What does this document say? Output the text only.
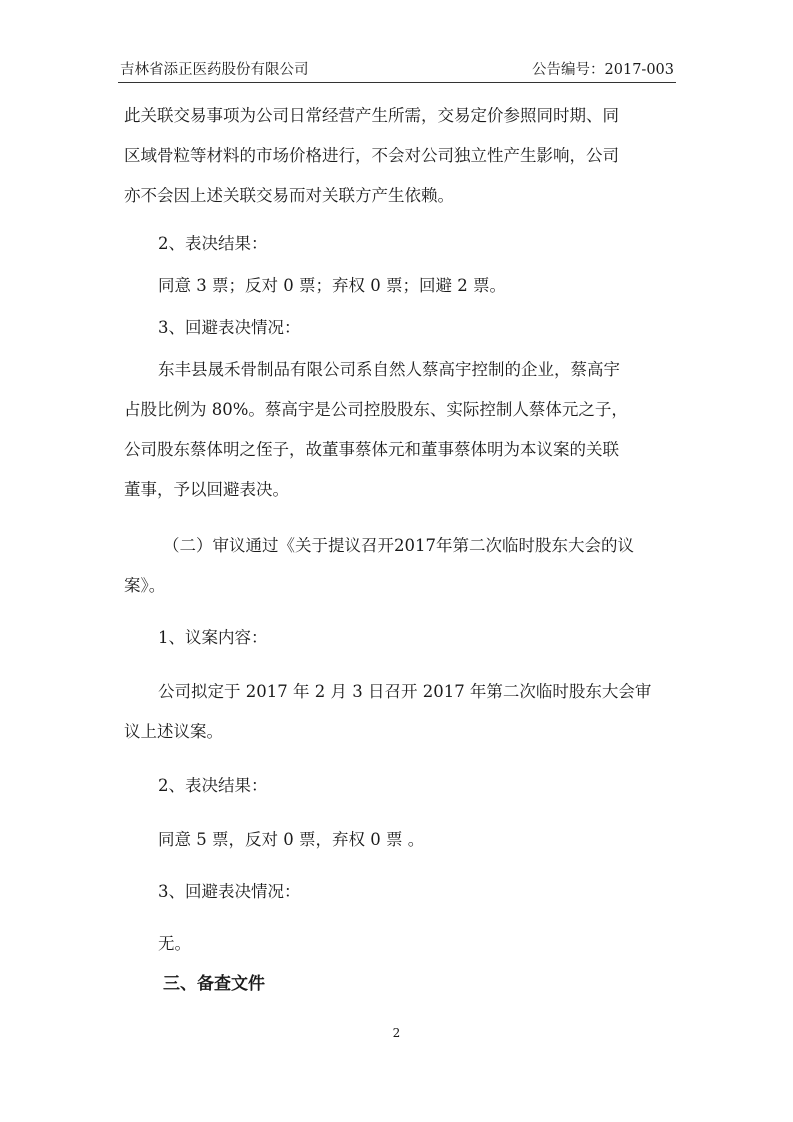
吉林省添正医药股份有限公司	公告编号：2017-003
此关联交易事项为公司日常经营产生所需，交易定价参照同时期、同
区域骨粒等材料的市场价格进行，不会对公司独立性产生影响，公司
亦不会因上述关联交易而对关联方产生依赖。
2、表决结果：
同意 3 票；反对 0 票；弃权 0 票；回避 2 票。
3、回避表决情况：
东丰县晟禾骨制品有限公司系自然人蔡高宇控制的企业，蔡高宇
占股比例为 80%。蔡高宇是公司控股股东、实际控制人蔡体元之子，
公司股东蔡体明之侄子，故董事蔡体元和董事蔡体明为本议案的关联
董事，予以回避表决。
（二）审议通过《关于提议召开2017年第二次临时股东大会的议
案》。
1、议案内容：
公司拟定于 2017 年 2 月 3 日召开 2017 年第二次临时股东大会审
议上述议案。
2、表决结果：
同意 5 票，反对 0 票，弃权 0 票 。
3、回避表决情况：
无。
三、备查文件
2
